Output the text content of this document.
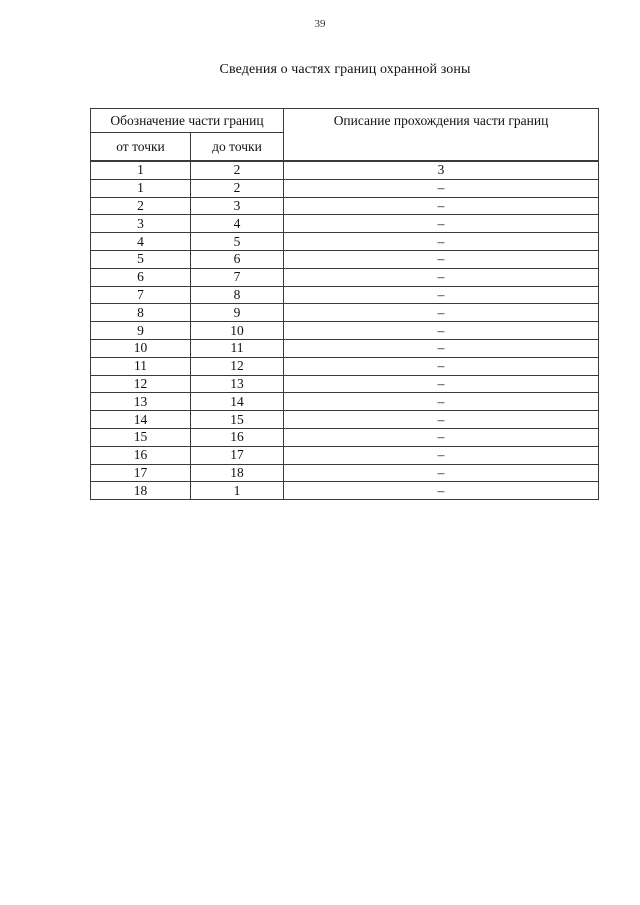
39
Сведения о частях границ охранной зоны
Обозначение части границ		Описание прохождения части границ
от точки	до точки	
1	2	3
1	2	–
2	3	–
3	4	–
4	5	–
5	6	–
6	7	–
7	8	–
8	9	–
9	10	–
10	11	–
11	12	–
12	13	–
13	14	–
14	15	–
15	16	–
16	17	–
17	18	–
18	1	–
